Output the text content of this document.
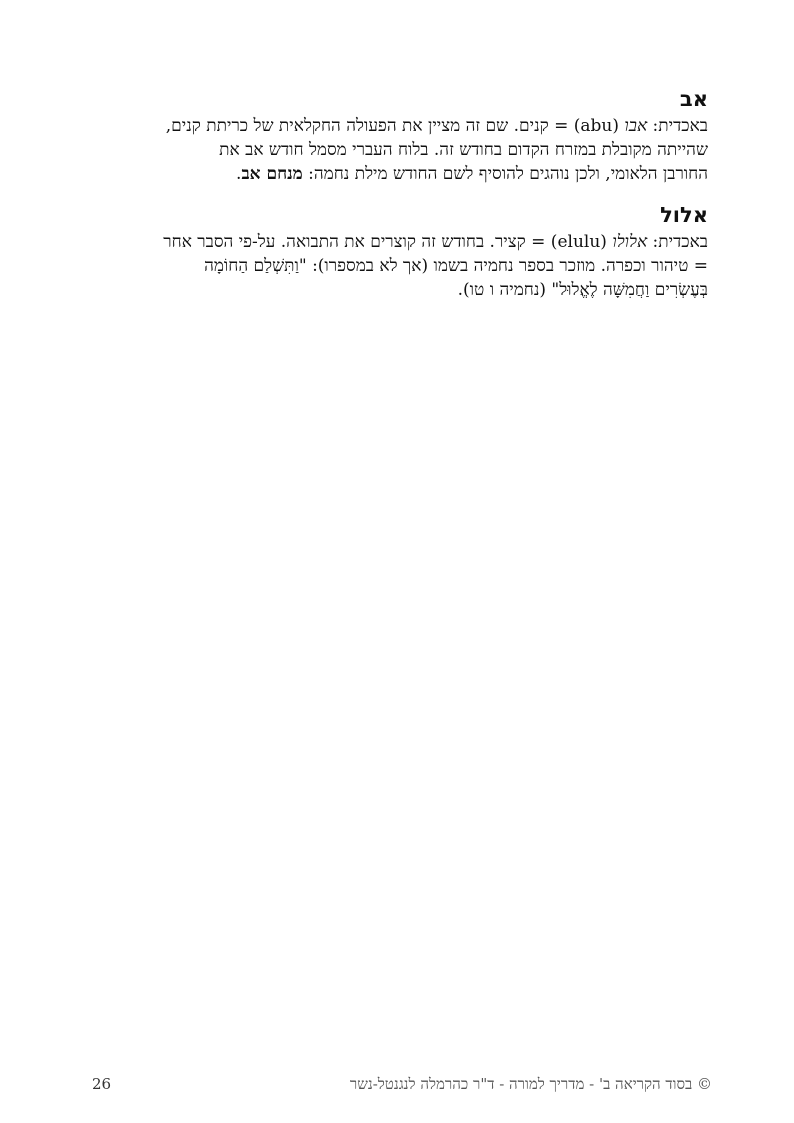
אב

באכדית: אבו (abu) = קנים. שם זה מציין את הפעולה החקלאית של כריתת קנים,

שהייתה מקובלת במזרח הקדום בחודש זה. בלוח העברי מסמל חודש אב את

החורבן הלאומי, ולכן נוהגים להוסיף לשם החודש מילת נחמה: מנחם אב.

אלול

באכדית: אלולו (elulu) = קציר. בחודש זה קוצרים את התבואה. על-פי הסבר אחר

= טיהור וכפרה. מוזכר בספר נחמיה בשמו (אך לא במספרו): "וַתִּשְׁלַם הַחוֹמָה

בְּעֶשְׂרִים וַחֲמִשָּׁה לֶאֱלוּל" (נחמיה ו טו).

26	© בסוד הקריאה ב' - מדריך למורה - ד"ר כהרמלה לנגנטל-נשר
